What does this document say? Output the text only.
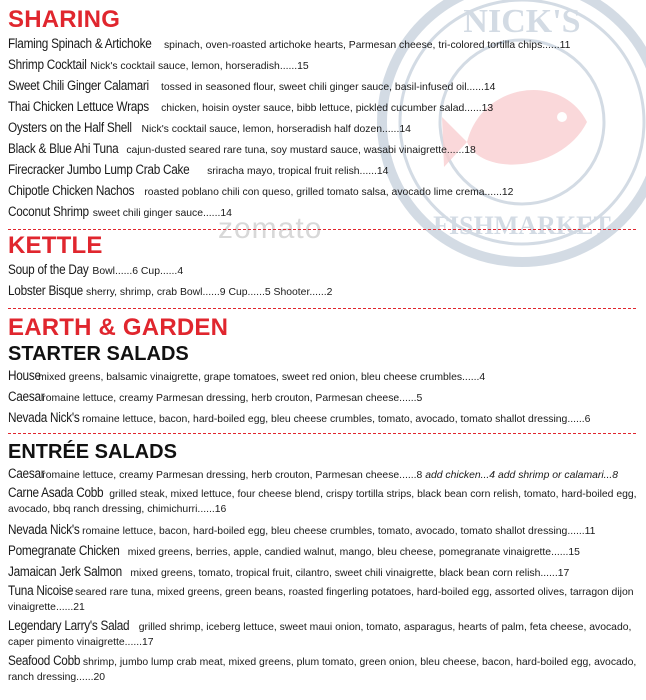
NICK'S
FISHMARKET
zomato
SHARING
Flaming Spinach & Artichoke spinach, oven-roasted artichoke hearts, Parmesan cheese, tri-colored tortilla chips......11
Shrimp Cocktail Nick's cocktail sauce, lemon, horseradish......15
Sweet Chili Ginger Calamari tossed in seasoned flour, sweet chili ginger sauce, basil-infused oil......14
Thai Chicken Lettuce Wraps chicken, hoisin oyster sauce, bibb lettuce, pickled cucumber salad......13
Oysters on the Half Shell Nick's cocktail sauce, lemon, horseradish half dozen......14
Black & Blue Ahi Tuna cajun-dusted seared rare tuna, soy mustard sauce, wasabi vinaigrette......18
Firecracker Jumbo Lump Crab Cake sriracha mayo, tropical fruit relish......14
Chipotle Chicken Nachos roasted poblano chili con queso, grilled tomato salsa, avocado lime crema......12
Coconut Shrimp sweet chili ginger sauce......14
KETTLE
Soup of the Day Bowl......6 Cup......4
Lobster Bisque sherry, shrimp, crab Bowl......9 Cup......5 Shooter......2
EARTH & GARDEN
STARTER SALADS
House mixed greens, balsamic vinaigrette, grape tomatoes, sweet red onion, bleu cheese crumbles......4
Caesar romaine lettuce, creamy Parmesan dressing, herb crouton, Parmesan cheese......5
Nevada Nick's romaine lettuce, bacon, hard-boiled egg, bleu cheese crumbles, tomato, avocado, tomato shallot dressing......6
ENTRÉE SALADS
Caesar romaine lettuce, creamy Parmesan dressing, herb crouton, Parmesan cheese......8 add chicken...4 add shrimp or calamari...8
Carne Asada Cobb grilled steak, mixed lettuce, four cheese blend, crispy tortilla strips, black bean corn relish, tomato, hard-boiled egg, avocado, bbq ranch dressing, chimichurri......16
Nevada Nick's romaine lettuce, bacon, hard-boiled egg, bleu cheese crumbles, tomato, avocado, tomato shallot dressing......11
Pomegranate Chicken mixed greens, berries, apple, candied walnut, mango, bleu cheese, pomegranate vinaigrette......15
Jamaican Jerk Salmon mixed greens, tomato, tropical fruit, cilantro, sweet chili vinaigrette, black bean corn relish......17
Tuna Nicoise seared rare tuna, mixed greens, green beans, roasted fingerling potatoes, hard-boiled egg, assorted olives, tarragon dijon vinaigrette......21
Legendary Larry's Salad grilled shrimp, iceberg lettuce, sweet maui onion, tomato, asparagus, hearts of palm, feta cheese, avocado, caper pimento vinaigrette......17
Seafood Cobb shrimp, jumbo lump crab meat, mixed greens, plum tomato, green onion, bleu cheese, bacon, hard-boiled egg, avocado, ranch dressing......20
